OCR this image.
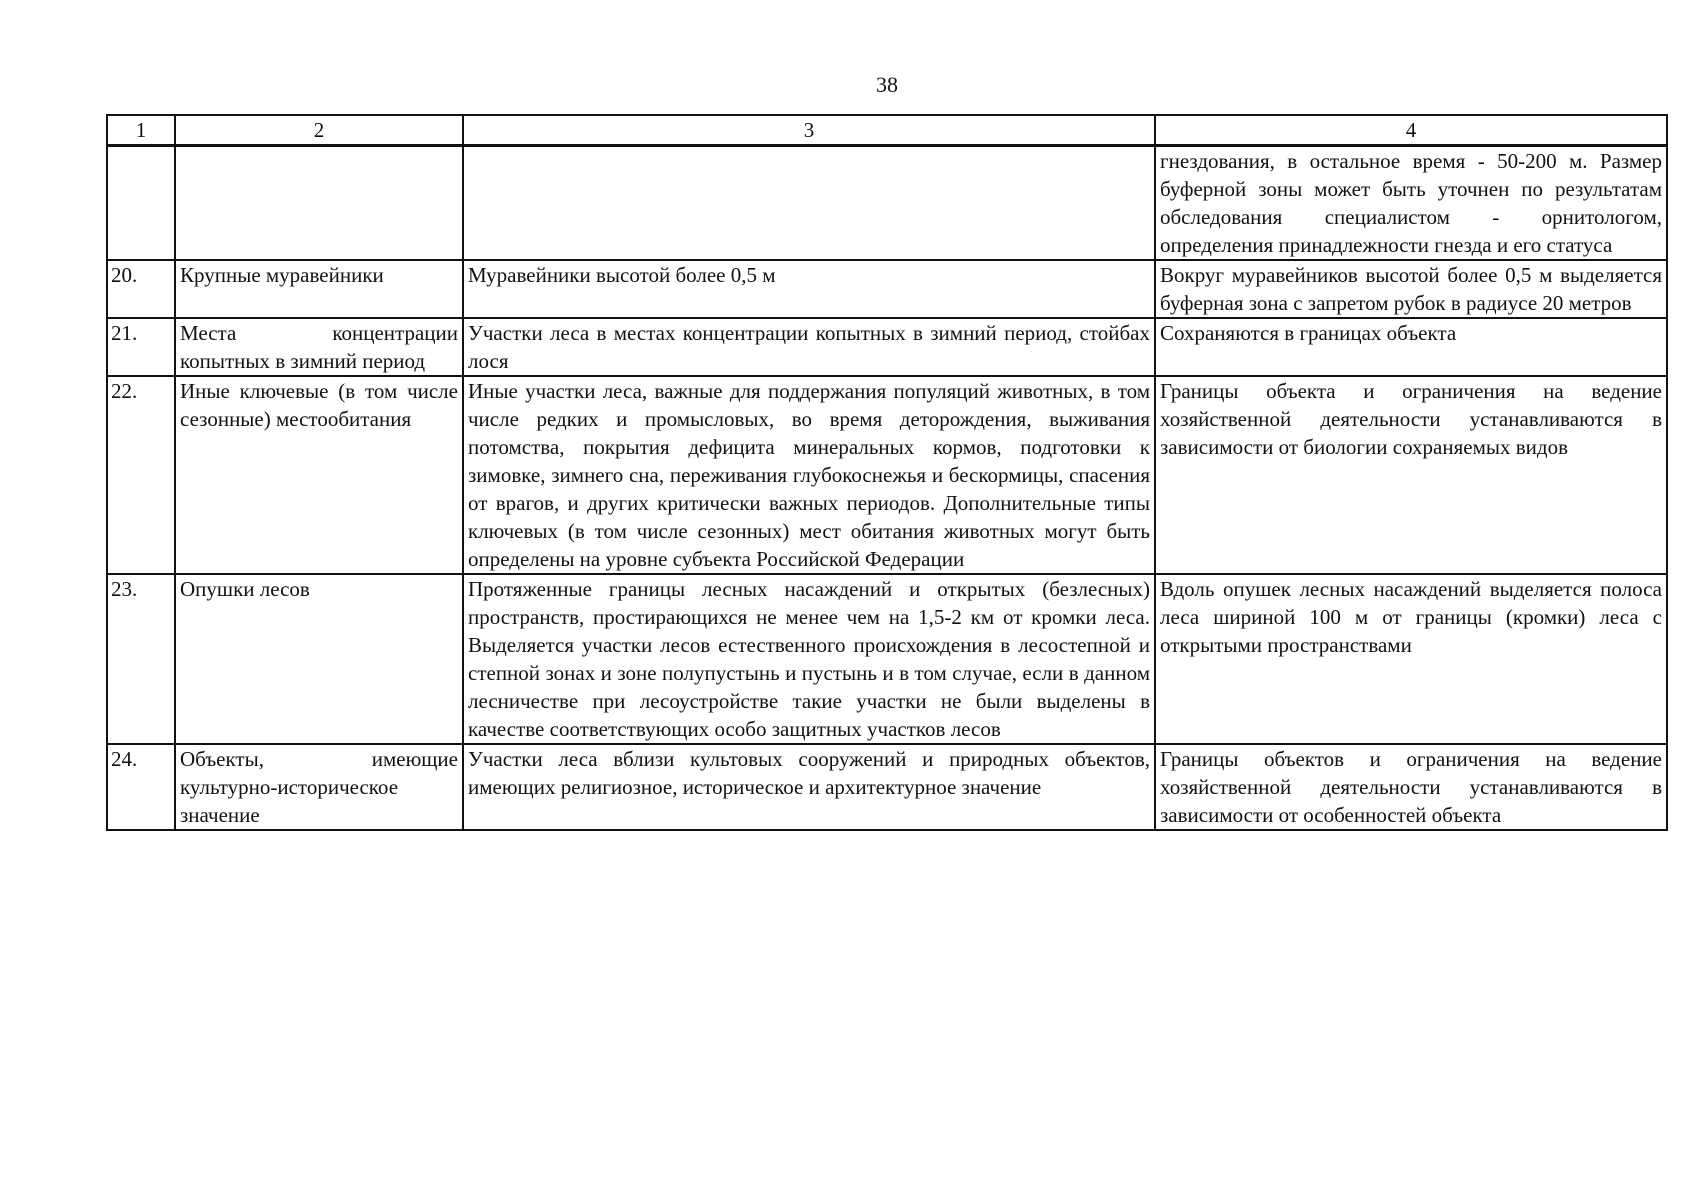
38
1	2	3	4
			гнездования, в остальное время - 50-200 м. Размер буферной зоны может быть уточнен по результатам обследования специалистом - орнитологом, определения принадлежности гнезда и его статуса
20.	Крупные муравейники	Муравейники высотой более 0,5 м	Вокруг муравейников высотой более 0,5 м выделяется буферная зона с запретом рубок в радиусе 20 метров
21.	Места концентрации копытных в зимний период	Участки леса в местах концентрации копытных в зимний период, стойбах лося	Сохраняются в границах объекта
22.	Иные ключевые (в том числе сезонные) местообитания	Иные участки леса, важные для поддержания популяций животных, в том числе редких и промысловых, во время деторождения, выживания потомства, покрытия дефицита минеральных кормов, подготовки к зимовке, зимнего сна, переживания глубокоснежья и бескормицы, спасения от врагов, и других критически важных периодов. Дополнительные типы ключевых (в том числе сезонных) мест обитания животных могут быть определены на уровне субъекта Российской Федерации	Границы объекта и ограничения на ведение хозяйственной деятельности устанавливаются в зависимости от биологии сохраняемых видов
23.	Опушки лесов	Протяженные границы лесных насаждений и открытых (безлесных) пространств, простирающихся не менее чем на 1,5-2 км от кромки леса. Выделяется участки лесов естественного происхождения в лесостепной и степной зонах и зоне полупустынь и пустынь и в том случае, если в данном лесничестве при лесоустройстве такие участки не были выделены в качестве соответствующих особо защитных участков лесов	Вдоль опушек лесных насаждений выделяется полоса леса шириной 100 м от границы (кромки) леса с открытыми пространствами
24.	Объекты, имеющие культурно-историческое значение	Участки леса вблизи культовых сооружений и природных объектов, имеющих религиозное, историческое и архитектурное значение	Границы объектов и ограничения на ведение хозяйственной деятельности устанавливаются в зависимости от особенностей объекта
